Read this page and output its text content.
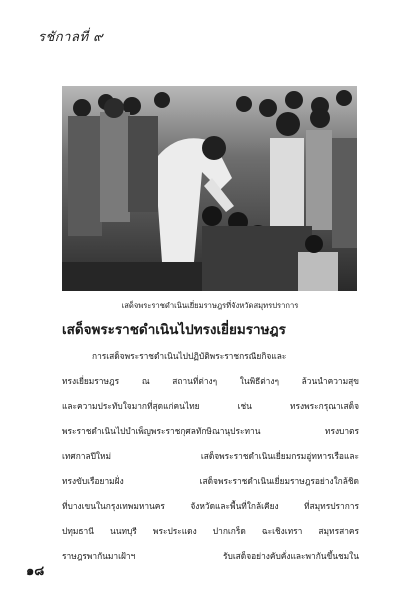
รชักาลที่ ๙
เสด็จพระราชดำเนินเยี่ยมราษฎรที่จังหวัดสมุทรปราการ
เสด็จพระราชดำเนินไปทรงเยี่ยมราษฎร
การเสด็จพระราชดำเนินไปปฏิบัติพระราชกรณียกิจและ
ทรงเยี่ยมราษฎร ณ สถานที่ต่างๆ ในพิธีต่างๆ ล้วนนำความสุข
และความประทับใจมากที่สุดแก่คนไทย เช่น ทรงพระกรุณาเสด็จ
พระราชดำเนินไปบำเพ็ญพระราชกุศลทักษิณานุประทาน ทรงบาตร
เทศกาลปีใหม่ เสด็จพระราชดำเนินเยี่ยมกรมอู่ทหารเรือและ
ทรงขับเรือยามฝั่ง เสด็จพระราชดำเนินเยี่ยมราษฎรอย่างใกล้ชิด
ที่บางเขนในกรุงเทพมหานคร จังหวัดและพื้นที่ใกล้เคียง ที่สมุทรปราการ
ปทุมธานี นนทบุรี พระประแดง ปากเกร็ด ฉะเชิงเทรา สมุทรสาคร
ราษฎรพากันมาเฝ้าฯ รับเสด็จอย่างคับคั่งและพากันขึ้นชมใน
๑๘
